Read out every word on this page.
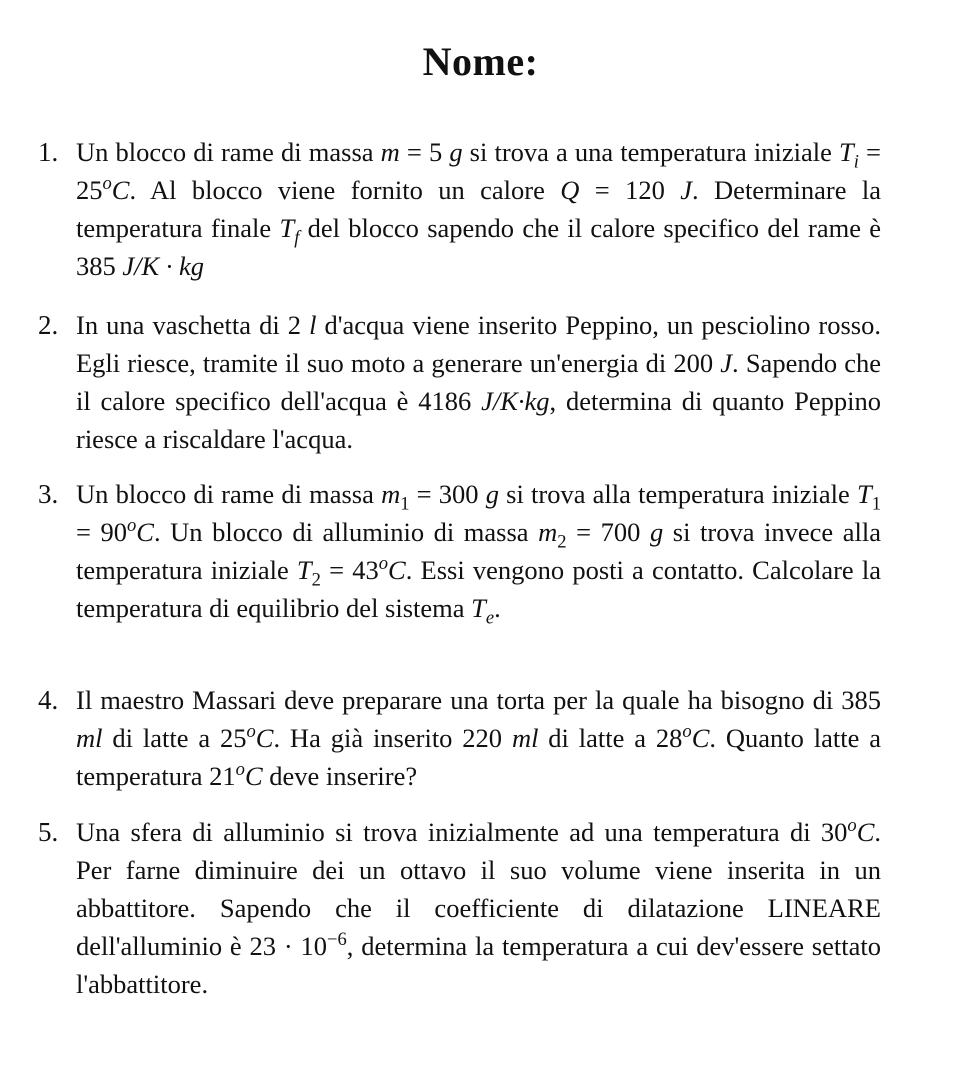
Nome:
1. Un blocco di rame di massa m = 5 g si trova a una temperatura iniziale $T_i = 25^oC$. Al blocco viene fornito un calore Q = 120 J. Determinare la temperatura finale $T_f$ del blocco sapendo che il calore specifico del rame è 385 J/K · kg
2. In una vaschetta di 2 l d'acqua viene inserito Peppino, un pesciolino rosso. Egli riesce, tramite il suo moto a generare un'energia di 200 J. Sapendo che il calore specifico dell'acqua è 4186 J/K·kg, determina di quanto Peppino riesce a riscaldare l'acqua.
3. Un blocco di rame di massa $m_1 = 300$ g si trova alla temperatura iniziale $T_1 = 90^oC$. Un blocco di alluminio di massa $m_2 = 700$ g si trova invece alla temperatura iniziale $T_2 = 43^oC$. Essi vengono posti a contatto. Calcolare la temperatura di equilibrio del sistema $T_e$.
4. Il maestro Massari deve preparare una torta per la quale ha bisogno di 385 ml di latte a 25$^o$C. Ha già inserito 220 ml di latte a 28$^o$C. Quanto latte a temperatura 21$^o$C deve inserire?
5. Una sfera di alluminio si trova inizialmente ad una temperatura di 30$^o$C. Per farne diminuire dei un ottavo il suo volume viene inserita in un abbattitore. Sapendo che il coefficiente di dilatazione LINEARE dell'alluminio è $23 \cdot 10^{-6}$, determina la temperatura a cui dev'essere settato l'abbattitore.
